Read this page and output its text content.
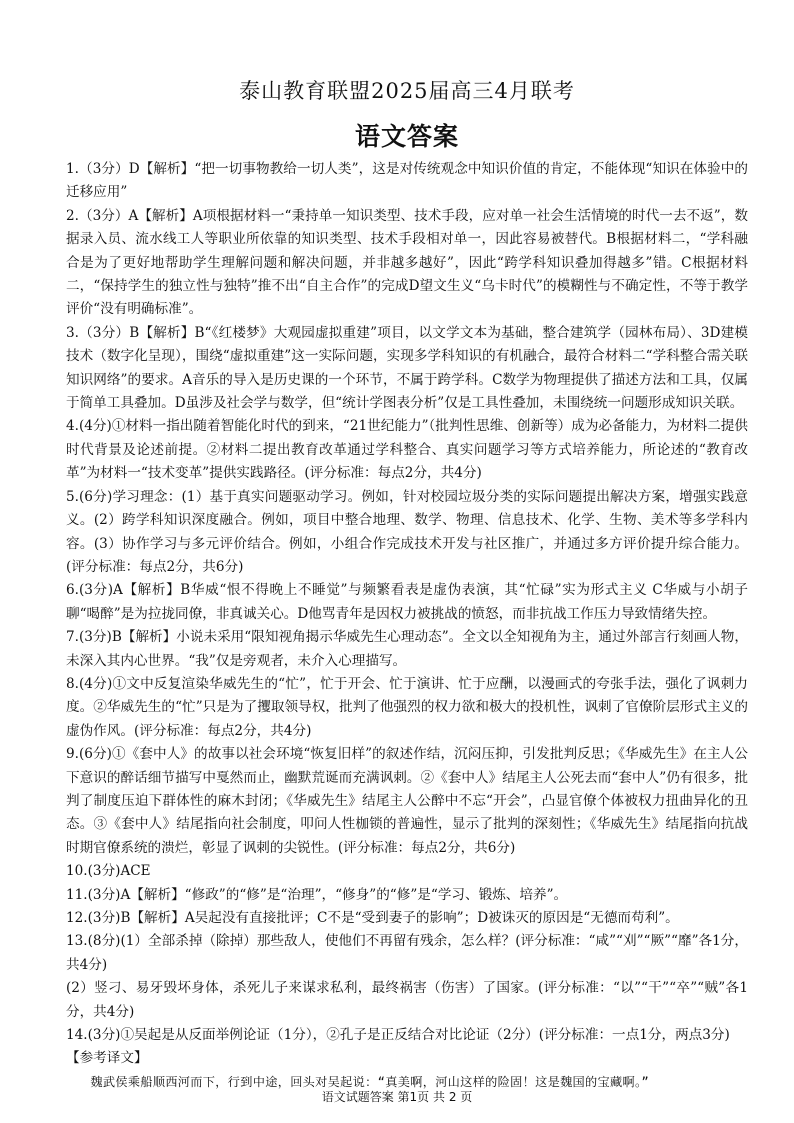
泰山教育联盟2025届高三4月联考
语文答案

1.（3分）D【解析】“把一切事物教给一切人类”，这是对传统观念中知识价值的肯定，不能体现“知识在体验中的迁移应用”

2.（3分）A【解析】A项根据材料一“秉持单一知识类型、技术手段，应对单一社会生活情境的时代一去不返”，数据录入员、流水线工人等职业所依靠的知识类型、技术手段相对单一，因此容易被替代。B根据材料二，“学科融合是为了更好地帮助学生理解问题和解决问题，并非越多越好”，因此“跨学科知识叠加得越多”错。C根据材料二，“保持学生的独立性与独特”推不出“自主合作”的完成D望文生义“乌卡时代”的模糊性与不确定性，不等于教学评价“没有明确标准”。

3.（3分）B【解析】B“《红楼梦》大观园虚拟重建”项目，以文学文本为基础，整合建筑学（园林布局）、3D建模技术（数字化呈现），围绕“虚拟重建”这一实际问题，实现多学科知识的有机融合，最符合材料二“学科整合需关联知识网络”的要求。A音乐的导入是历史课的一个环节，不属于跨学科。C数学为物理提供了描述方法和工具，仅属于简单工具叠加。D虽涉及社会学与数学，但“统计学图表分析”仅是工具性叠加，未围绕统一问题形成知识关联。

4.(4分)①材料一指出随着智能化时代的到来，“21世纪能力”（批判性思维、创新等）成为必备能力，为材料二提供时代背景及论述前提。②材料二提出教育改革通过学科整合、真实问题学习等方式培养能力，所论述的“教育改革”为材料一“技术变革”提供实践路径。(评分标准：每点2分，共4分)

5.(6分)学习理念：(1）基于真实问题驱动学习。例如，针对校园垃圾分类的实际问题提出解决方案，增强实践意义。(2）跨学科知识深度融合。例如，项目中整合地理、数学、物理、信息技术、化学、生物、美术等多学科内容。(3）协作学习与多元评价结合。例如，小组合作完成技术开发与社区推广，并通过多方评价提升综合能力。(评分标准：每点2分，共6分)

6.(3分)A【解析】B华威“恨不得晚上不睡觉”与频繁看表是虚伪表演，其“忙碌”实为形式主义 C华威与小胡子聊“喝醉”是为拉拢同僚，非真诚关心。D他骂青年是因权力被挑战的愤怒，而非抗战工作压力导致情绪失控。

7.(3分)B【解析】小说未采用“限知视角揭示华威先生心理动态”。全文以全知视角为主，通过外部言行刻画人物，未深入其内心世界。“我”仅是旁观者，未介入心理描写。

8.(4分)①文中反复渲染华威先生的“忙”，忙于开会、忙于演讲、忙于应酬，以漫画式的夸张手法，强化了讽刺力度。②华威先生的“忙”只是为了攫取领导权，批判了他强烈的权力欲和极大的投机性，讽刺了官僚阶层形式主义的虚伪作风。(评分标准：每点2分，共4分)

9.(6分)①《套中人》的故事以社会环境“恢复旧样”的叙述作结，沉闷压抑，引发批判反思；《华威先生》在主人公下意识的醉话细节描写中戛然而止，幽默荒诞而充满讽刺。②《套中人》结尾主人公死去而“套中人”仍有很多，批判了制度压迫下群体性的麻木封闭；《华威先生》结尾主人公醉中不忘“开会”，凸显官僚个体被权力扭曲异化的丑态。③《套中人》结尾指向社会制度，叩问人性枷锁的普遍性，显示了批判的深刻性；《华威先生》结尾指向抗战时期官僚系统的溃烂，彰显了讽刺的尖锐性。(评分标准：每点2分，共6分)

10.(3分)ACE

11.(3分)A【解析】“修政”的“修”是“治理”，“修身”的“修”是“学习、锻炼、培养”。

12.(3分)B【解析】A吴起没有直接批评；C不是“受到妻子的影响”；D被诛灭的原因是“无德而苟利”。

13.(8分)(1）全部杀掉（除掉）那些敌人，使他们不再留有残余，怎么样？(评分标准：“咸”“刈”“厥”“靡”各1分，共4分)

(2）竖刁、易牙毁坏身体，杀死儿子来谋求私利，最终祸害（伤害）了国家。(评分标准：“以”“干”“卒”“贼”各1分，共4分)

14.(3分)①吴起是从反面举例论证（1分），②孔子是正反结合对比论证（2分）(评分标准：一点1分，两点3分)

【参考译文】

魏武侯乘船顺西河而下，行到中途，回头对吴起说：“真美啊，河山这样的险固！这是魏国的宝藏啊。”

语文试题答案 第1页 共 2 页
